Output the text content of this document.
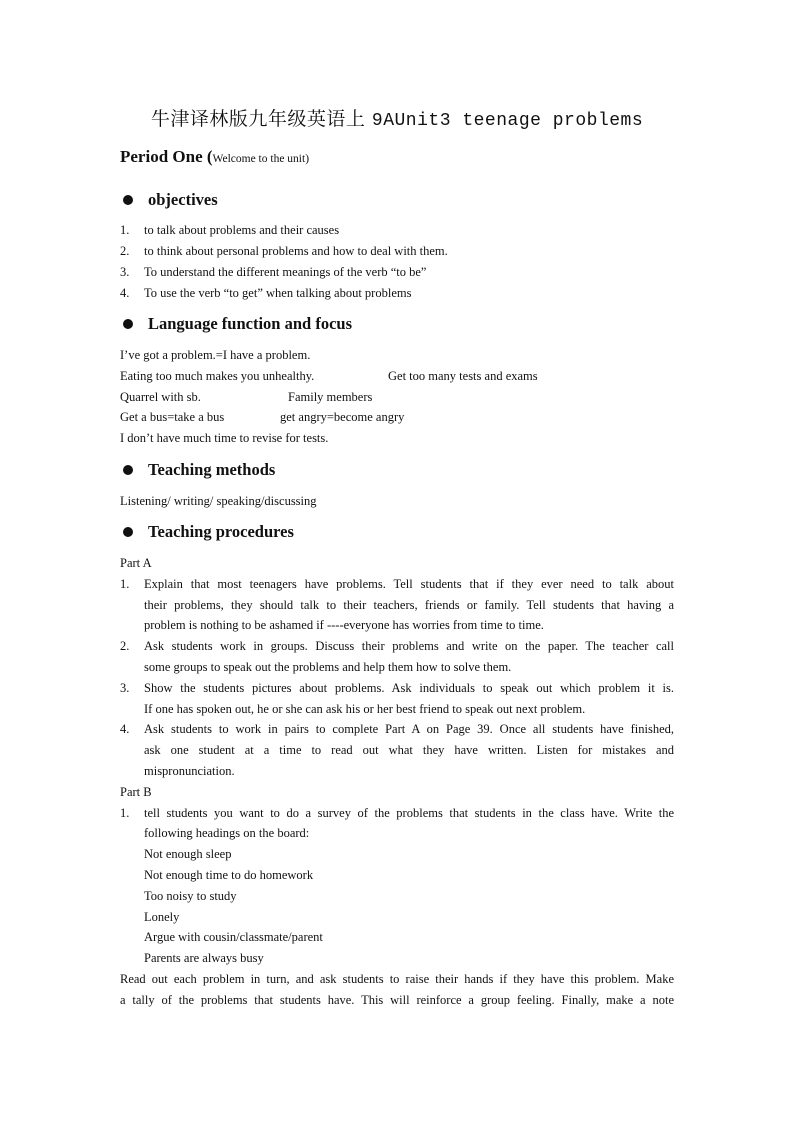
牛津译林版九年级英语上 9AUnit3 teenage problems
Period One (Welcome to the unit)
objectives
1. to talk about problems and their causes
2. to think about personal problems and how to deal with them.
3. To understand the different meanings of the verb “to be”
4. To use the verb “to get” when talking about problems
Language function and focus
I’ve got a problem.=I have a problem.
Eating too much makes you unhealthy.	Get too many tests and exams
Quarrel with sb.	Family members
Get a bus=take a bus	get angry=become angry
I don’t have much time to revise for tests.
Teaching methods
Listening/ writing/ speaking/discussing
Teaching procedures
Part A
1. Explain that most teenagers have problems. Tell students that if they ever need to talk about
their problems, they should talk to their teachers, friends or family. Tell students that having a
problem is nothing to be ashamed if ----everyone has worries from time to time.
2. Ask students work in groups. Discuss their problems and write on the paper. The teacher call
some groups to speak out the problems and help them how to solve them.
3. Show the students pictures about problems. Ask individuals to speak out which problem it is.
If one has spoken out, he or she can ask his or her best friend to speak out next problem.
4. Ask students to work in pairs to complete Part A on Page 39. Once all students have finished,
ask one student at a time to read out what they have written. Listen for mistakes and
mispronunciation.
Part B
1. tell students you want to do a survey of the problems that students in the class have. Write the
following headings on the board:
Not enough sleep
Not enough time to do homework
Too noisy to study
Lonely
Argue with cousin/classmate/parent
Parents are always busy
Read out each problem in turn, and ask students to raise their hands if they have this problem. Make
a tally of the problems that students have. This will reinforce a group feeling. Finally, make a note
